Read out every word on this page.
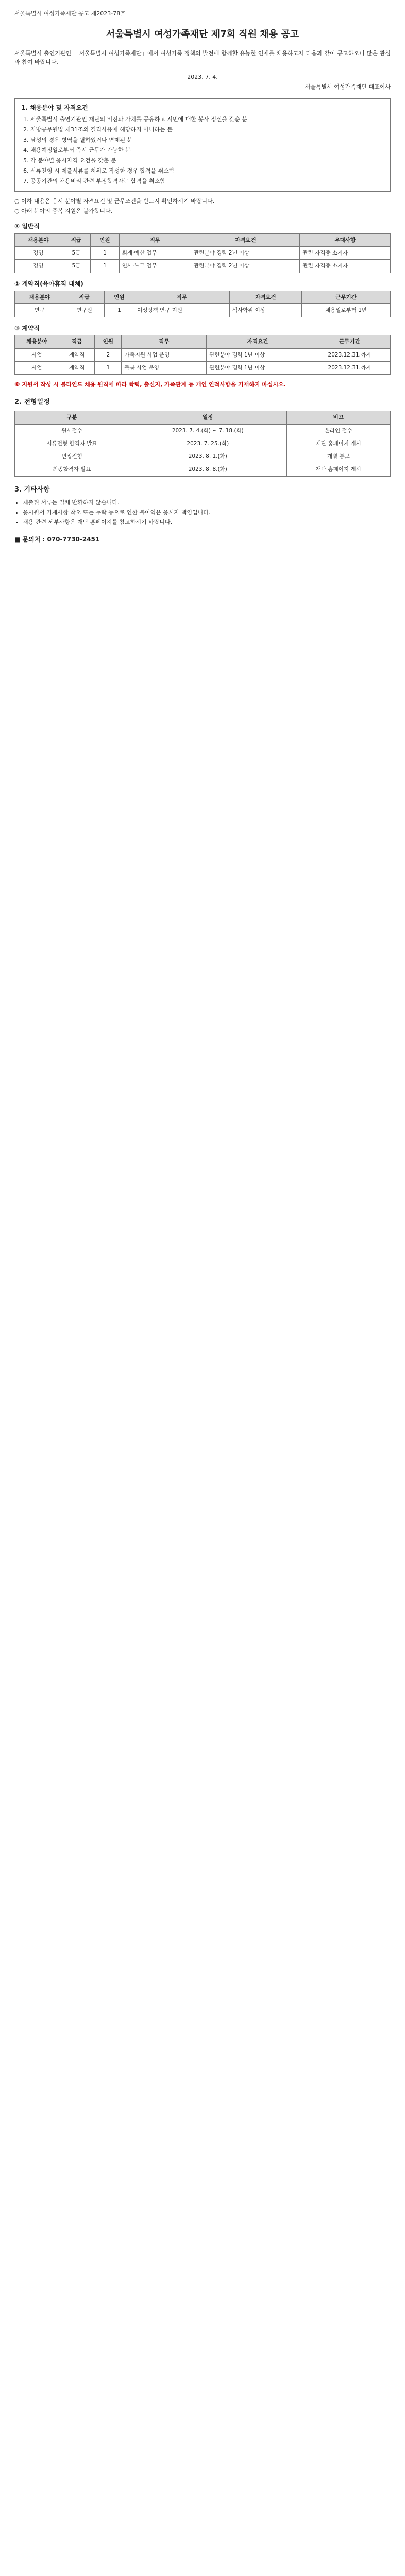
서울특별시 여성가족재단 공고 제2023-78호
서울특별시 여성가족재단 제7회 직원 채용 공고
서울특별시 출연기관인 「서울특별시 여성가족재단」에서 여성가족 정책의 발전에 함께할 유능한 인재를 채용하고자 다음과 같이 공고하오니 많은 관심과 참여 바랍니다.
2023. 7. 4.
서울특별시 여성가족재단 대표이사
1. 채용분야 및 자격요건
1. 서울특별시 출연기관인 재단의 비전과 가치를 공유하고 시민에 대한 봉사 정신을 갖춘 분
2. 지방공무원법 제31조의 결격사유에 해당하지 아니하는 분
3. 남성의 경우 병역을 필하였거나 면제된 분
4. 채용예정일로부터 즉시 근무가 가능한 분
5. 각 분야별 응시자격 요건을 갖춘 분
6. 서류전형 시 제출서류를 허위로 작성한 경우 합격을 취소함
7. 공공기관의 채용비리 관련 부정합격자는 합격을 취소함

○ 이하 내용은 응시 분야별 자격요건 및 근무조건을 반드시 확인하시기 바랍니다.

○ 아래 분야의 중복 지원은 불가합니다.

① 일반직
채용분야	직급	인원	직무	자격요건	우대사항
경영	5급	1	회계·예산 업무	관련분야 경력 2년 이상	관련 자격증 소지자
경영	5급	1	인사·노무 업무	관련분야 경력 2년 이상	관련 자격증 소지자
② 계약직(육아휴직 대체)
채용분야	직급	인원	직무	자격요건	근무기간
연구	연구원	1	여성정책 연구 지원	석사학위 이상	채용일로부터 1년
③ 계약직
채용분야	직급	인원	직무	자격요건	근무기간
사업	계약직	2	가족지원 사업 운영	관련분야 경력 1년 이상	2023.12.31.까지
사업	계약직	1	돌봄 사업 운영	관련분야 경력 1년 이상	2023.12.31.까지

※ 지원서 작성 시 블라인드 채용 원칙에 따라 학력, 출신지, 가족관계 등 개인 인적사항을 기재하지 마십시오.

2. 전형일정
구분	일정	비고
원서접수	2023. 7. 4.(화) ~ 7. 18.(화)	온라인 접수
서류전형 합격자 발표	2023. 7. 25.(화)	재단 홈페이지 게시
면접전형	2023. 8. 1.(화)	개별 통보
최종합격자 발표	2023. 8. 8.(화)	재단 홈페이지 게시
3. 기타사항
• 제출된 서류는 일체 반환하지 않습니다.
• 응시원서 기재사항 착오 또는 누락 등으로 인한 불이익은 응시자 책임입니다.
• 채용 관련 세부사항은 재단 홈페이지를 참고하시기 바랍니다.
■ 문의처 : 070-7730-2451
